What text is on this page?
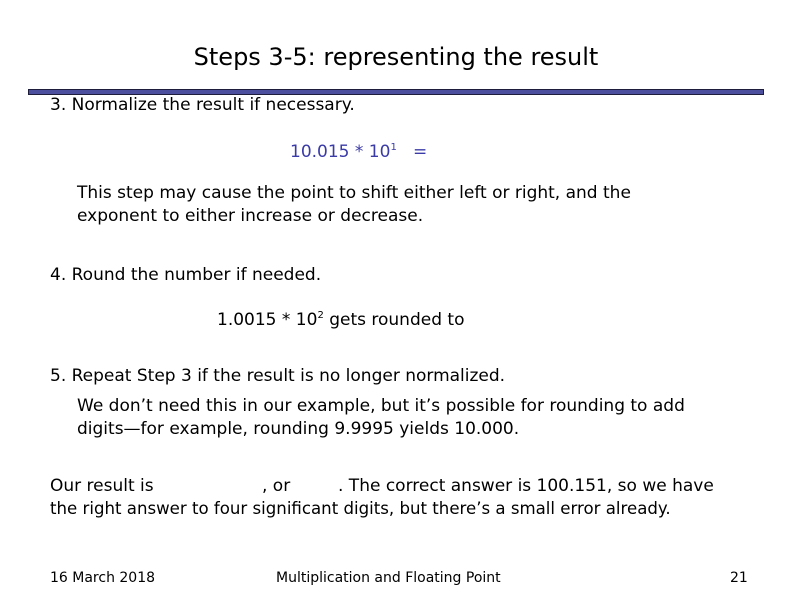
Steps 3-5: representing the result
3. Normalize the result if necessary.
$10.015 * 10^1$ =
This step may cause the point to shift either left or right, and the
exponent to either increase or decrease.
4. Round the number if needed.
$1.0015 * 10^2$ gets rounded to
5. Repeat Step 3 if the result is no longer normalized.
We don’t need this in our example, but it’s possible for rounding to add
digits—for example, rounding 9.9995 yields 10.000.
Our result is	, or	. The correct answer is 100.151, so we have
the right answer to four significant digits, but there’s a small error already.
16 March 2018	Multiplication and Floating Point	21
